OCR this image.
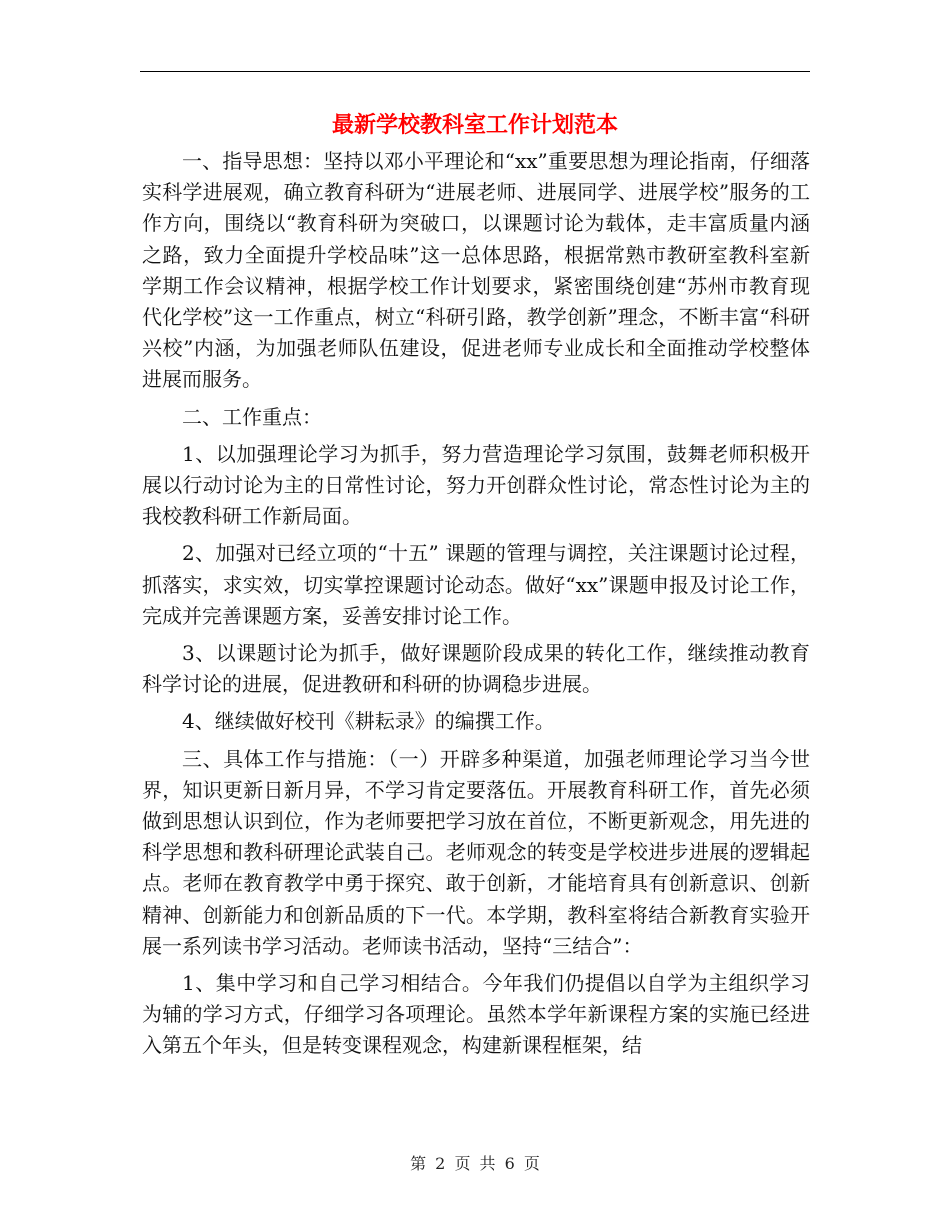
最新学校教科室工作计划范本

一、指导思想：坚持以邓小平理论和“xx”重要思想为理论指南，仔细落实科学进展观，确立教育科研为“进展老师、进展同学、进展学校”服务的工作方向，围绕以“教育科研为突破口，以课题讨论为载体，走丰富质量内涵之路，致力全面提升学校品味”这一总体思路，根据常熟市教研室教科室新学期工作会议精神，根据学校工作计划要求，紧密围绕创建“苏州市教育现代化学校”这一工作重点，树立“科研引路，教学创新”理念，不断丰富“科研兴校”内涵，为加强老师队伍建设，促进老师专业成长和全面推动学校整体进展而服务。

二、工作重点：

1、以加强理论学习为抓手，努力营造理论学习氛围，鼓舞老师积极开展以行动讨论为主的日常性讨论，努力开创群众性讨论，常态性讨论为主的我校教科研工作新局面。

2、加强对已经立项的“十五” 课题的管理与调控，关注课题讨论过程，抓落实，求实效，切实掌控课题讨论动态。做好“xx”课题申报及讨论工作，完成并完善课题方案，妥善安排讨论工作。

3、以课题讨论为抓手，做好课题阶段成果的转化工作，继续推动教育科学讨论的进展，促进教研和科研的协调稳步进展。

4、继续做好校刊《耕耘录》的编撰工作。

三、具体工作与措施：（一）开辟多种渠道，加强老师理论学习当今世界，知识更新日新月异，不学习肯定要落伍。开展教育科研工作，首先必须做到思想认识到位，作为老师要把学习放在首位，不断更新观念，用先进的科学思想和教科研理论武装自己。老师观念的转变是学校进步进展的逻辑起点。老师在教育教学中勇于探究、敢于创新，才能培育具有创新意识、创新精神、创新能力和创新品质的下一代。本学期，教科室将结合新教育实验开展一系列读书学习活动。老师读书活动，坚持“三结合”：

1、集中学习和自己学习相结合。今年我们仍提倡以自学为主组织学习为辅的学习方式，仔细学习各项理论。虽然本学年新课程方案的实施已经进入第五个年头，但是转变课程观念，构建新课程框架，结

第 2 页 共 6 页
